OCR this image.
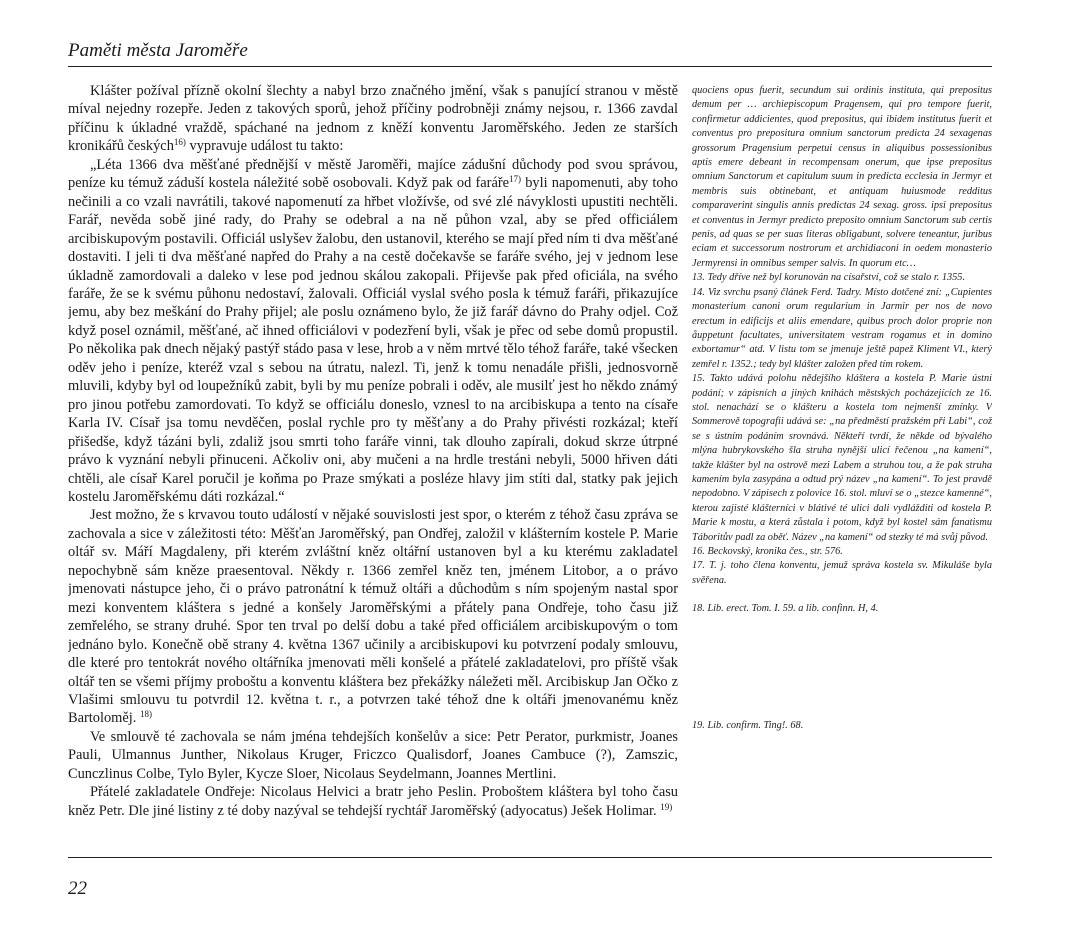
Paměti města Jaroměře

Klášter požíval přízně okolní šlechty a nabyl brzo značného jmění, však s panující stranou v městě míval nejedny rozepře. Jeden z takových sporů, jehož příčiny podrobněji známy nejsou, r. 1366 zavdal příčinu k úkladné vraždě, spáchané na jednom z kněží konventu Jaroměřského. Jeden ze starších kronikářů českých$^{16)}$ vypravuje událost tu takto:

„Léta 1366 dva měšťané přednější v městě Jaroměři, majíce zádušní důchody pod svou správou, peníze ku témuž záduší kostela náležité sobě osobovali. Když pak od faráře$^{17)}$ byli napomenuti, aby toho nečinili a co vzali navrátili, takové napomenutí za hřbet vložívše, od své zlé návyklosti upustiti nechtěli. Farář, nevěda sobě jiné rady, do Prahy se odebral a na ně půhon vzal, aby se před officiálem arcibiskupovým postavili. Officiál uslyšev žalobu, den ustanovil, kterého se mají před ním ti dva měšťané dostaviti. I jeli ti dva měšťané napřed do Prahy a na cestě dočekavše se faráře svého, jej v jednom lese úkladně zamordovali a daleko v lese pod jednou skálou zakopali. Přijevše pak před oficiála, na svého faráře, že se k svému půhonu nedostaví, žalovali. Officiál vyslal svého posla k témuž faráři, přikazujíce jemu, aby bez meškání do Prahy přijel; ale poslu oznámeno bylo, že již farář dávno do Prahy odjel. Což když posel oznámil, měšťané, ač ihned officiálovi v podezření byli, však je přec od sebe domů propustil. Po několika pak dnech nějaký pastýř stádo pasa v lese, hrob a v něm mrtvé tělo téhož faráře, také všecken oděv jeho i peníze, kteréž vzal s sebou na útratu, nalezl. Ti, jenž k tomu nenadále přišli, jednosvorně mluvili, kdyby byl od loupežníků zabit, byli by mu peníze pobrali i oděv, ale musilť jest ho někdo známý pro jinou potřebu zamordovati. To když se officiálu doneslo, vznesl to na arcibiskupa a tento na císaře Karla IV. Císař jsa tomu nevděčen, poslal rychle pro ty měšťany a do Prahy přivésti rozkázal; kteří přišedše, když tázáni byli, zdaliž jsou smrti toho faráře vinni, tak dlouho zapírali, dokud skrze útrpné právo k vyznání nebyli přinuceni. Ačkoliv oni, aby mučeni a na hrdle trestáni nebyli, 5000 hřiven dáti chtěli, ale císař Karel poručil je koňma po Praze smýkati a posléze hlavy jim stíti dal, statky pak jejich kostelu Jaroměřskému dáti rozkázal.“

Jest možno, že s krvavou touto událostí v nějaké souvislosti jest spor, o kterém z téhož času zpráva se zachovala a sice v záležitosti této: Měšťan Jaroměřský, pan Ondřej, založil v klášterním kostele P. Marie oltář sv. Máří Magdaleny, při kterém zvláštní kněz oltářní ustanoven byl a ku kterému zakladatel nepochybně sám kněze praesentoval. Někdy r. 1366 zemřel kněz ten, jménem Litobor, a o právo jmenovati nástupce jeho, či o právo patronátní k témuž oltáři a důchodům s ním spojeným nastal spor mezi konventem kláštera s jedné a konšely Jaroměřskými a přátely pana Ondřeje, toho času již zemřelého, se strany druhé. Spor ten trval po delší dobu a také před officiálem arcibiskupovým o tom jednáno bylo. Konečně obě strany 4. května 1367 učinily a arcibiskupovi ku potvrzení podaly smlouvu, dle které pro tentokrát nového oltářníka jmenovati měli konšelé a přátelé zakladatelovi, pro příště však oltář ten se všemi příjmy proboštu a konventu kláštera bez překážky náležeti měl. Arcibiskup Jan Očko z Vlašimi smlouvu tu potvrdil 12. května t. r., a potvrzen také téhož dne k oltáři jmenovanému kněz Bartoloměj. $^{18)}$

Ve smlouvě té zachovala se nám jména tehdejších konšelův a sice: Petr Perator, purkmistr, Joanes Pauli, Ulmannus Junther, Nikolaus Kruger, Friczco Qualisdorf, Joanes Cambuce (?), Zamszic, Cunczlinus Colbe, Tylo Byler, Kycze Sloer, Nicolaus Seydelmann, Joannes Mertlini.

Přátelé zakladatele Ondřeje: Nicolaus Helvici a bratr jeho Peslin. Proboštem kláštera byl toho času kněz Petr. Dle jiné listiny z té doby nazýval se tehdejší rychtář Jaroměřský (adyocatus) Ješek Holimar. $^{19)}$

quociens opus fuerit, secundum sui ordinis instituta, qui prepositus demum per … archiepiscopum Pragensem, qui pro tempore fuerit, confirmetur addicientes, quod prepositus, qui ibidem institutus fuerit et conventus pro prepositura omnium sanctorum predicta 24 sexagenas grossorum Pragensium perpetui census in aliquibus possessionibus aptis emere debeant in recompensam onerum, que ipse prepositus omnium Sanctorum et capitulum suum in predicta ecclesia in Jermyr et membris suis obtinebant, et antiquam huiusmode redditus comparaverint singulis annis predictas 24 sexag. gross. ipsi prepositus et conventus in Jermyr predicto preposito omnium Sanctorum sub certis penis, ad quas se per suas literas obligabunt, solvere teneantur, juribus eciam et successorum nostrorum et archidiaconi in oedem monasterio Jermyrensi in omnibus semper salvis. In quorum etc…

13. Tedy dříve než byl korunován na císařství, což se stalo r. 1355.

14. Viz svrchu psaný článek Ferd. Tadry. Místo dotčené zní: „Cupientes monasterium canoni orum regularium in Jarmir per nos de novo erectum in edificijs et aliis emendare, quibus proch dolor proprie non åuppetunt facultates, universitatem vestram rogamus et in domino exbortamur“ atd. V listu tom se jmenuje ještě papež Kliment VI., který zemřel r. 1352.; tedy byl klášter založen před tím rokem.

15. Takto udává polohu nědejšího kláštera a kostela P. Marie ústní podání; v zápisních a jiných knihách městských pocházejících ze 16. stol. nenachází se o klášteru a kostela tom nejmenší zmínky. V Sommerově topografii udává se: „na předměstí pražském při Labi“, což se s ústním podáním srovnává. Někteří tvrdí, že někde od bývalého mlýna hubrykovského šla struha nynější ulicí řečenou „na kamení“, takže klášter byl na ostrově mezi Labem a struhou tou, a že pak struha kamením byla zasypána a odtud prý název „na kamení“. To jest pravdě nepodobno. V zápisech z polovice 16. stol. mluví se o „stezce kamenné“, kterou zajisté klášterníci v blátivé té ulici dali vydlážditi od kostela P. Marie k mostu, a která zůstala i potom, když byl kostel sám fanatismu Táboritův padl za oběť. Název „na kamení“ od stezky té má svůj původ.

16. Beckovský, kronika čes., str. 576.

17. T. j. toho člena konventu, jemuž správa kostela sv. Mikuláše byla svěřena.

18. Lib. erect. Tom. I. 59. a lib. confinn. H, 4.

19. Lib. confirm. Ting!. 68.

22
